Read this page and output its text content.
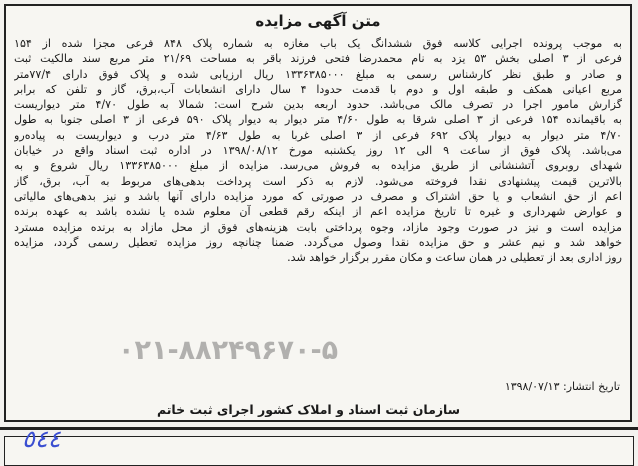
متن آگهی مزایده
به موجب پرونده اجرایی کلاسه فوق ششدانگ یک باب مغازه به شماره پلاک ۸۴۸ فرعی مجزا شده از ۱۵۴
فرعی از ۳ اصلی بخش ۵۳ یزد به نام محمدرضا فتحی فرزند باقر به مساحت ۲۱/۶۹ متر مربع سند مالکیت ثبت
و صادر و طبق نظر کارشناس رسمی به مبلغ ۱۳۳۶۳۸۵۰۰۰ ریال ارزیابی شده و پلاک فوق دارای ۷۷/۴متر
مربع اعیانی همکف و طبقه اول و دوم با قدمت حدودا ۴ سال دارای انشعابات آب،برق، گاز و تلفن که برابر
گزارش مامور اجرا در تصرف مالک می‌باشد. حدود اربعه بدین شرح است: شمالا به طول ۴/۷۰ متر دیواریست
به باقیمانده ۱۵۴ فرعی از ۳ اصلی شرقا به طول ۴/۶۰ متر دیوار به دیوار پلاک ۵۹۰ فرعی از ۳ اصلی جنوبا به طول
۴/۷۰ متر دیوار به دیوار پلاک ۶۹۲ فرعی از ۳ اصلی غربا به طول ۴/۶۳ متر درب و دیواریست به پیاده‌رو
می‌باشد. پلاک فوق از ساعت ۹ الی ۱۲ روز یکشنبه مورخ ۱۳۹۸/۰۸/۱۲ در اداره ثبت اسناد واقع در خیابان
شهدای روبروی آتشنشانی از طریق مزایده به فروش می‌رسد. مزایده از مبلغ ۱۳۳۶۳۸۵۰۰۰ ریال شروع و به
بالاترین قیمت پیشنهادی نقدا فروخته می‌شود. لازم به ذکر است پرداخت بدهی‌های مربوط به آب، برق، گاز
اعم از حق انشعاب و یا حق اشتراک و مصرف در صورتی که مورد مزایده دارای آنها باشد و نیز بدهی‌های مالیاتی
و عوارض شهرداری و غیره تا تاریخ مزایده اعم از اینکه رقم قطعی آن معلوم شده یا نشده باشد به عهده برنده
مزایده است و نیز در صورت وجود مازاد، وجوه پرداختی بابت هزینه‌های فوق از محل مازاد به برنده مزایده مسترد
خواهد شد و نیم عشر و حق مزایده نقدا وصول می‌گردد. ضمنا چنانچه روز مزایده تعطیل رسمی گردد، مزایده
روز اداری بعد از تعطیلی در همان ساعت و مکان مقرر برگزار خواهد شد.
تاریخ انتشار: ۱۳۹۸/۰۷/۱۳
سازمان ثبت اسناد و املاک کشور اجرای ثبت خاتم
۰۲۱-۸۸۲۴۹۶۷۰-۵
٥٤٤
